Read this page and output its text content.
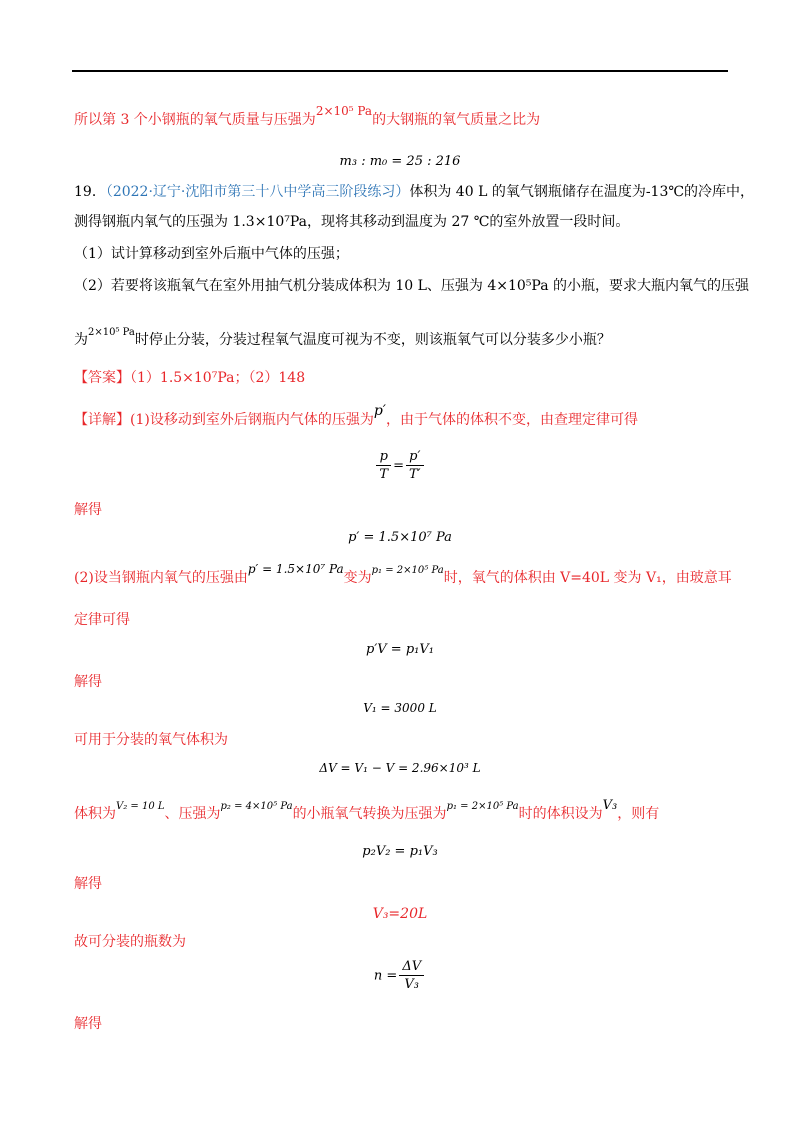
所以第 3 个小钢瓶的氧气质量与压强为2×10⁵ Pa的大钢瓶的氧气质量之比为
m₃ : m₀ = 25 : 216
19．（2022·辽宁·沈阳市第三十八中学高三阶段练习）体积为 40 L 的氧气钢瓶储存在温度为-13℃的冷库中，
测得钢瓶内氧气的压强为 1.3×10⁷Pa，现将其移动到温度为 27 ℃的室外放置一段时间。
（1）试计算移动到室外后瓶中气体的压强；
（2）若要将该瓶氧气在室外用抽气机分装成体积为 10 L、压强为 4×10⁵Pa 的小瓶，要求大瓶内氧气的压强
为2×10⁵ Pa时停止分装，分装过程氧气温度可视为不变，则该瓶氧气可以分装多少小瓶？
【答案】（1）1.5×10⁷Pa；（2）148
【详解】(1)设移动到室外后钢瓶内气体的压强为p′，由于气体的体积不变，由查理定律可得
$\frac{p}{T} = \frac{p'}{T'}$
解得
p′ = 1.5×10⁷ Pa
(2)设当钢瓶内氧气的压强由p′ = 1.5×10⁷ Pa变为p₁ = 2×10⁵ Pa时，氧气的体积由 V=40L 变为 V₁，由玻意耳
定律可得
p′V = p₁V₁
解得
V₁ = 3000 L
可用于分装的氧气体积为
ΔV = V₁ − V = 2.96×10³ L
体积为V₂ = 10 L、压强为p₂ = 4×10⁵ Pa的小瓶氧气转换为压强为p₁ = 2×10⁵ Pa时的体积设为V₃，则有
p₂V₂ = p₁V₃
解得
V₃=20L
故可分装的瓶数为
$n = \frac{\Delta V}{\text{V₃}}$
解得
